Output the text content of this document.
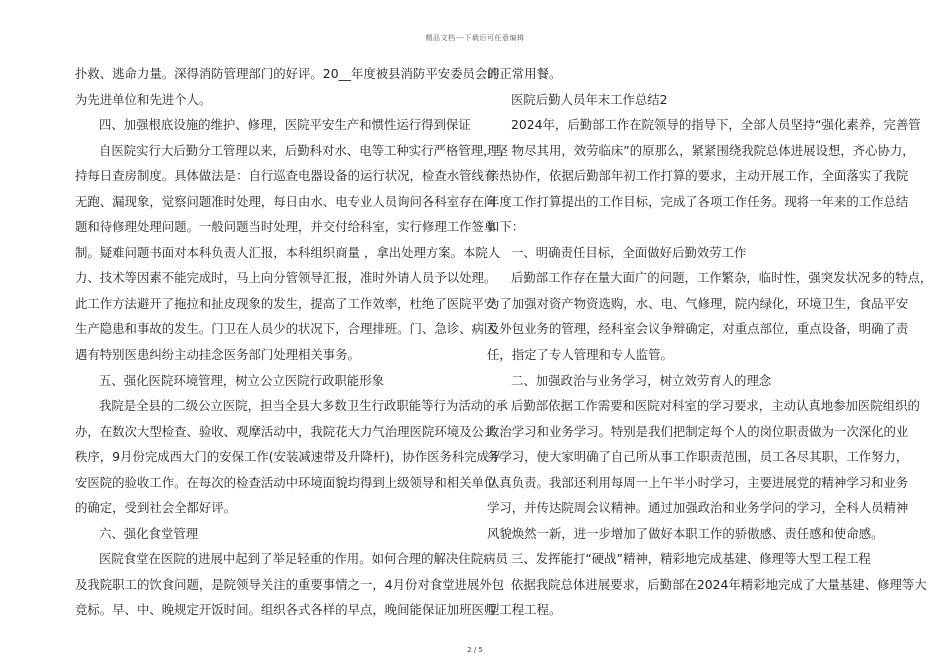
精品文档---下载后可任意编辑
扑救、逃命力量。深得消防管理部门的好评。20__年度被县消防平安委员会评
为先进单位和先进个人。
四、加强根底设施的维护、修理，医院平安生产和惯性运行得到保证
自医院实行大后勤分工管理以来，后勤科对水、电等工种实行严格管理，坚
持每日查房制度。具体做法是：自行巡查电器设备的运行状况，检查水管线有
无跑、漏现象，觉察问题准时处理，每日由水、电专业人员询问各科室存在问
题和待修理处理问题。一般问题当时处理，并交付给科室，实行修理工作签单
制。疑难问题书面对本科负责人汇报，本科组织商量 ，拿出处理方案。本院人
力、技术等因素不能完成时，马上向分管领导汇报，准时外请人员予以处理。
此工作方法避开了拖拉和扯皮现象的发生，提高了工作效率，杜绝了医院平安
生产隐患和事故的发生。门卫在人员少的状况下，合理排班。门、急诊、病区
遇有特别医患纠纷主动挂念医务部门处理相关事务。
五、强化医院环境管理，树立公立医院行政职能形象
我院是全县的二级公立医院，担当全县大多数卫生行政职能等行为活动的承
办，在数次大型检查、验收、观摩活动中，我院花大力气治理医院环境及公共
秩序，9月份完成西大门的安保工作(安装减速带及升降杆)，协作医务科完成平
安医院的验收工作。在每次的检查活动中环境面貌均得到上级领导和相关单位
的确定，受到社会全都好评。
六、强化食堂管理
医院食堂在医院的进展中起到了举足轻重的作用。如何合理的解决住院病员
及我院职工的饮食问题，是院领导关注的重要事情之一，4月份对食堂进展外包
竞标。早、中、晚规定开饭时间。组织各式各样的早点，晚间能保证加班医师
的正常用餐。
医院后勤人员年末工作总结2
2024年，后勤部工作在院领导的指导下，全部人员坚持“强化素养，完善管
理，物尽其用，效劳临床”的原那么，紧紧围绕我院总体进展设想，齐心协力，
亲热协作，依据后勤部年初工作打算的要求，主动开展工作，全面落实了我院
年度工作打算提出的工作目标，完成了各项工作任务。现将一年来的工作总结
如下：
一、明确责任目标，全面做好后勤效劳工作
后勤部工作存在量大面广的问题，工作繁杂，临时性，强突发状况多的特点，
为了加强对资产物资选购，水、电、气修理，院内绿化，环境卫生，食品平安
及外包业务的管理，经科室会议争辩确定，对重点部位，重点设备，明确了责
任，指定了专人管理和专人监管。
二、加强政治与业务学习，树立效劳育人的理念
后勤部依据工作需要和医院对科室的学习要求，主动认真地参加医院组织的
政治学习和业务学习。特别是我们把制定每个人的岗位职责做为一次深化的业
务学习，使大家明确了自己所从事工作职责范围，员工各尽其职，工作努力，
认真负责。我部还利用每周一上午半小时学习，主要进展党的精神学习和业务
学习，并传达院周会议精神。通过加强政治和业务学问的学习，全科人员精神
风貌焕然一新，进一步增加了做好本职工作的骄傲感、责任感和使命感。
三、发挥能打“硬战”精神，精彩地完成基建、修理等大型工程工程
依据我院总体进展要求，后勤部在2024年精彩地完成了大量基建、修理等大
型工程工程。
2 / 5
